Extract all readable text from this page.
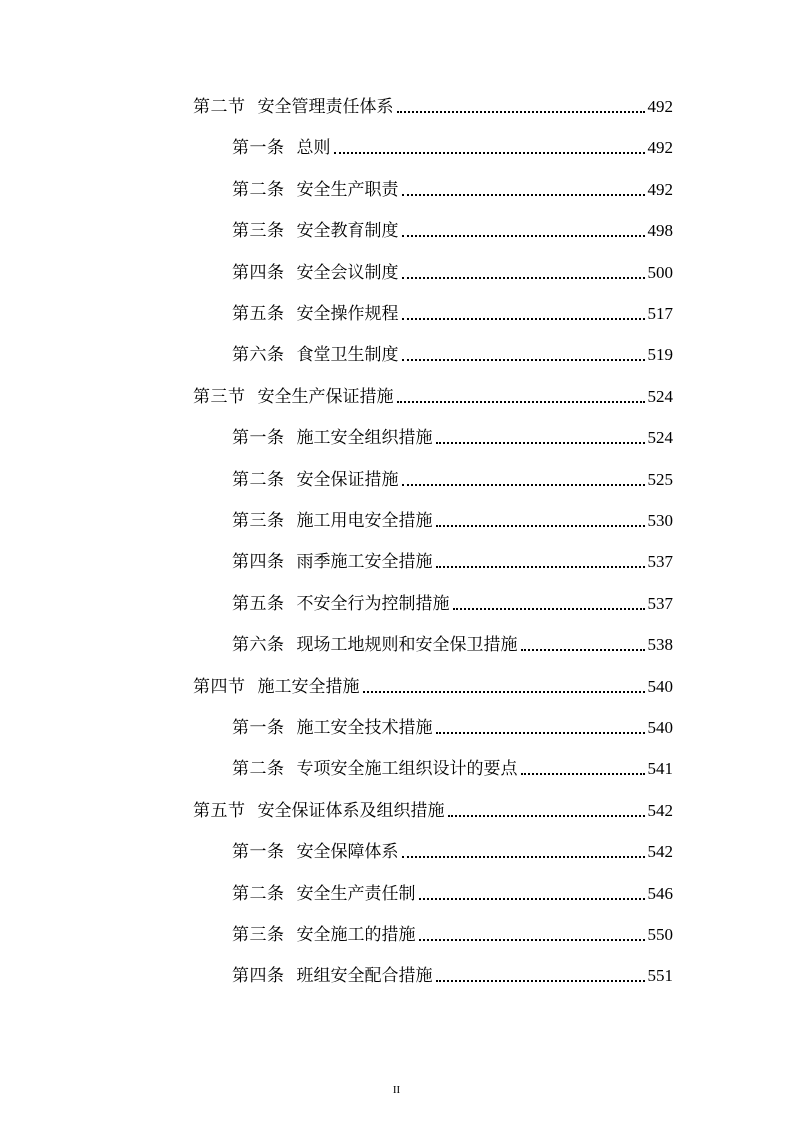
第二节 安全管理责任体系	492
第一条 总则	492
第二条 安全生产职责	492
第三条 安全教育制度	498
第四条 安全会议制度	500
第五条 安全操作规程	517
第六条 食堂卫生制度	519
第三节 安全生产保证措施	524
第一条 施工安全组织措施	524
第二条 安全保证措施	525
第三条 施工用电安全措施	530
第四条 雨季施工安全措施	537
第五条 不安全行为控制措施	537
第六条 现场工地规则和安全保卫措施	538
第四节 施工安全措施	540
第一条 施工安全技术措施	540
第二条 专项安全施工组织设计的要点	541
第五节 安全保证体系及组织措施	542
第一条 安全保障体系	542
第二条 安全生产责任制	546
第三条 安全施工的措施	550
第四条 班组安全配合措施	551
II
